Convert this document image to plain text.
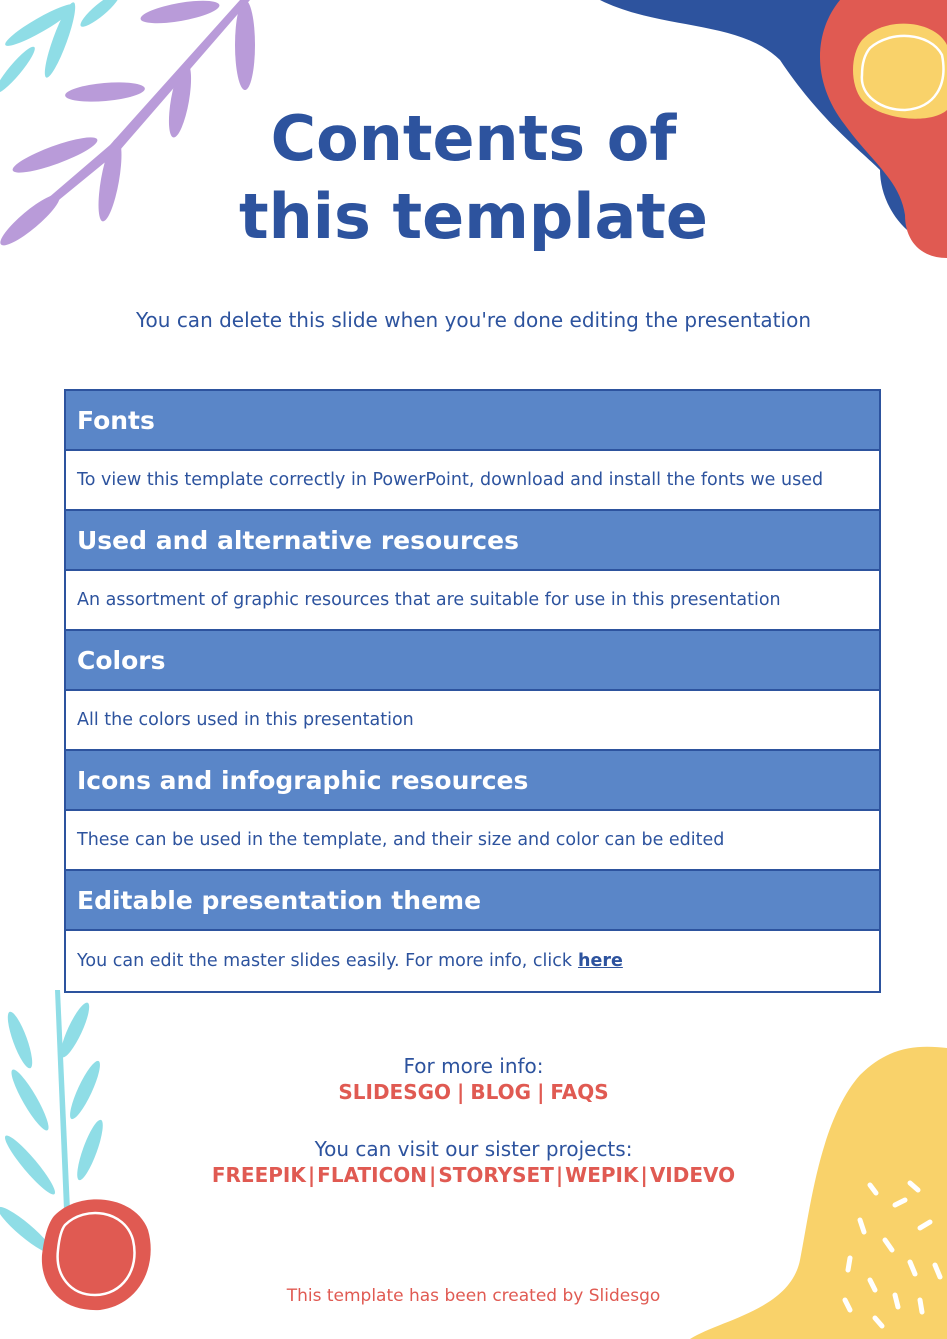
Contents of
this template
You can delete this slide when you're done editing the presentation
Fonts
To view this template correctly in PowerPoint, download and install the fonts we used
Used and alternative resources
An assortment of graphic resources that are suitable for use in this presentation
Colors
All the colors used in this presentation
Icons and infographic resources
These can be used in the template, and their size and color can be edited
Editable presentation theme
You can edit the master slides easily. For more info, click here
For more info:
SLIDESGO | BLOG | FAQS
You can visit our sister projects:
FREEPIK | FLATICON | STORYSET | WEPIK | VIDEVO
This template has been created by Slidesgo
